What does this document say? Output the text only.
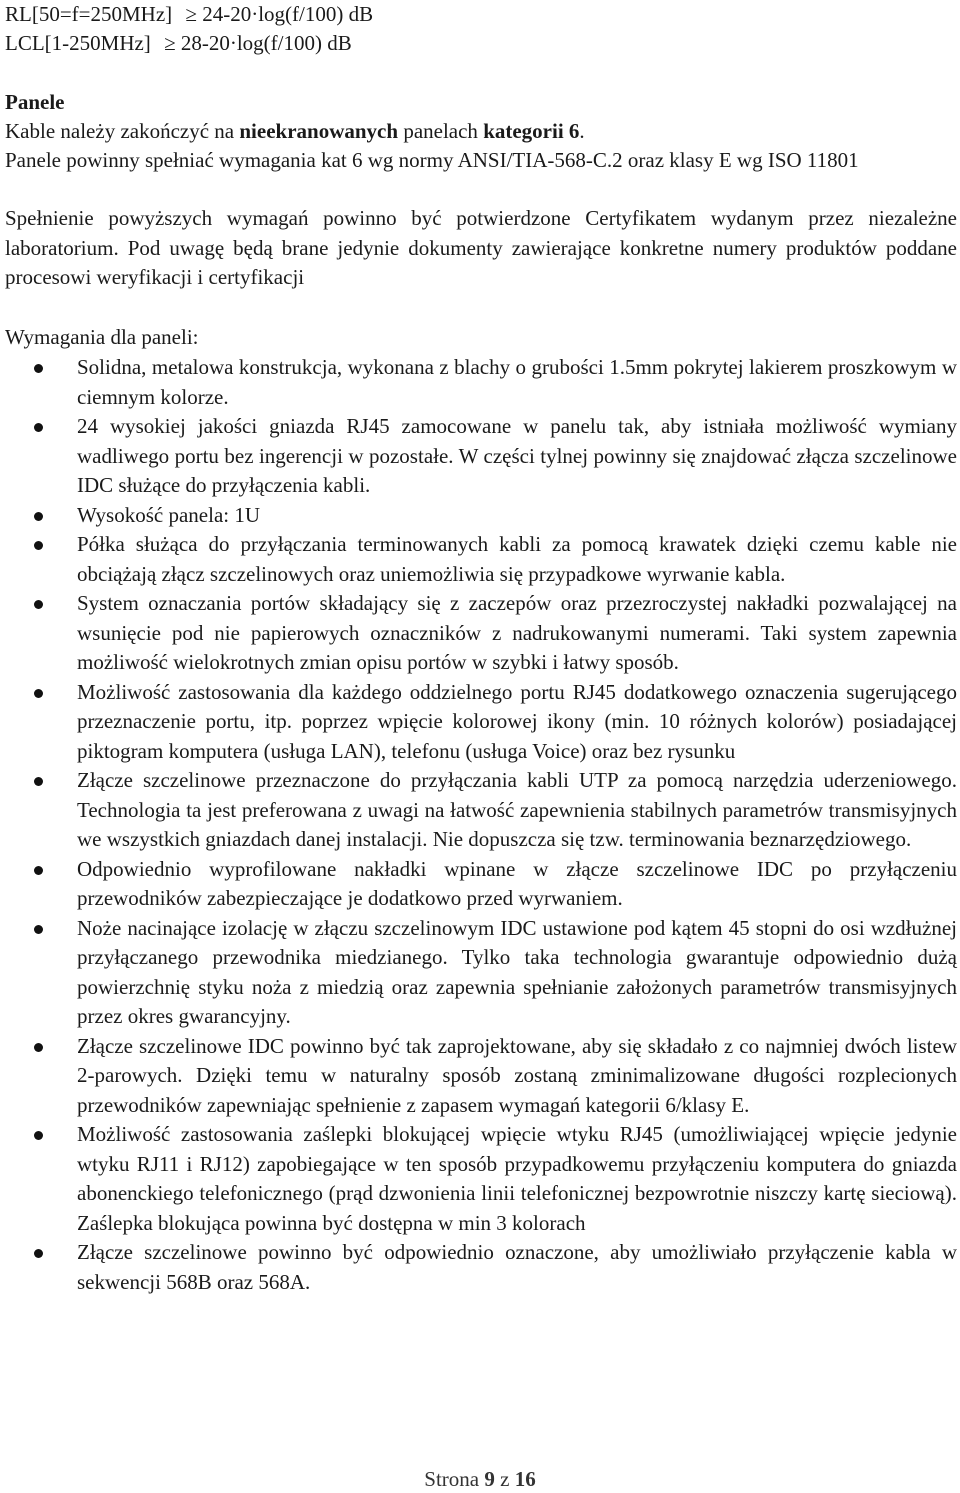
RL[50=f=250MHz] ≥ 24-20·log(f/100) dB
LCL[1-250MHz] ≥ 28-20·log(f/100) dB
Panele
Kable należy zakończyć na nieekranowanych panelach kategorii 6.
Panele powinny spełniać wymagania kat 6 wg normy ANSI/TIA-568-C.2 oraz klasy E wg ISO 11801

Spełnienie powyższych wymagań powinno być potwierdzone Certyfikatem wydanym przez niezależne laboratorium. Pod uwagę będą brane jedynie dokumenty zawierające konkretne numery produktów poddane procesowi weryfikacji i certyfikacji

Wymagania dla paneli:
Solidna, metalowa konstrukcja, wykonana z blachy o grubości 1.5mm pokrytej lakierem proszkowym w ciemnym kolorze.
24 wysokiej jakości gniazda RJ45 zamocowane w panelu tak, aby istniała możliwość wymiany wadliwego portu bez ingerencji w pozostałe. W części tylnej powinny się znajdować złącza szczelinowe IDC służące do przyłączenia kabli.
Wysokość panela: 1U
Półka służąca do przyłączania terminowanych kabli za pomocą krawatek dzięki czemu kable nie obciążają złącz szczelinowych oraz uniemożliwia się przypadkowe wyrwanie kabla.
System oznaczania portów składający się z zaczepów oraz przezroczystej nakładki pozwalającej na wsunięcie pod nie papierowych oznaczników z nadrukowanymi numerami. Taki system zapewnia możliwość wielokrotnych zmian opisu portów w szybki i łatwy sposób.
Możliwość zastosowania dla każdego oddzielnego portu RJ45 dodatkowego oznaczenia sugerującego przeznaczenie portu, itp. poprzez wpięcie kolorowej ikony (min. 10 różnych kolorów) posiadającej piktogram komputera (usługa LAN), telefonu (usługa Voice) oraz bez rysunku
Złącze szczelinowe przeznaczone do przyłączania kabli UTP za pomocą narzędzia uderzeniowego. Technologia ta jest preferowana z uwagi na łatwość zapewnienia stabilnych parametrów transmisyjnych we wszystkich gniazdach danej instalacji. Nie dopuszcza się tzw. terminowania beznarzędziowego.
Odpowiednio wyprofilowane nakładki wpinane w złącze szczelinowe IDC po przyłączeniu przewodników zabezpieczające je dodatkowo przed wyrwaniem.
Noże nacinające izolację w złączu szczelinowym IDC ustawione pod kątem 45 stopni do osi wzdłużnej przyłączanego przewodnika miedzianego. Tylko taka technologia gwarantuje odpowiednio dużą powierzchnię styku noża z miedzią oraz zapewnia spełnianie założonych parametrów transmisyjnych przez okres gwarancyjny.
Złącze szczelinowe IDC powinno być tak zaprojektowane, aby się składało z co najmniej dwóch listew 2-parowych. Dzięki temu w naturalny sposób zostaną zminimalizowane długości rozplecionych przewodników zapewniając spełnienie z zapasem wymagań kategorii 6/klasy E.
Możliwość zastosowania zaślepki blokującej wpięcie wtyku RJ45 (umożliwiającej wpięcie jedynie wtyku RJ11 i RJ12) zapobiegające w ten sposób przypadkowemu przyłączeniu komputera do gniazda abonenckiego telefonicznego (prąd dzwonienia linii telefonicznej bezpowrotnie niszczy kartę sieciową). Zaślepka blokująca powinna być dostępna w min 3 kolorach
Złącze szczelinowe powinno być odpowiednio oznaczone, aby umożliwiało przyłączenie kabla w sekwencji 568B oraz 568A.
Strona 9 z 16
